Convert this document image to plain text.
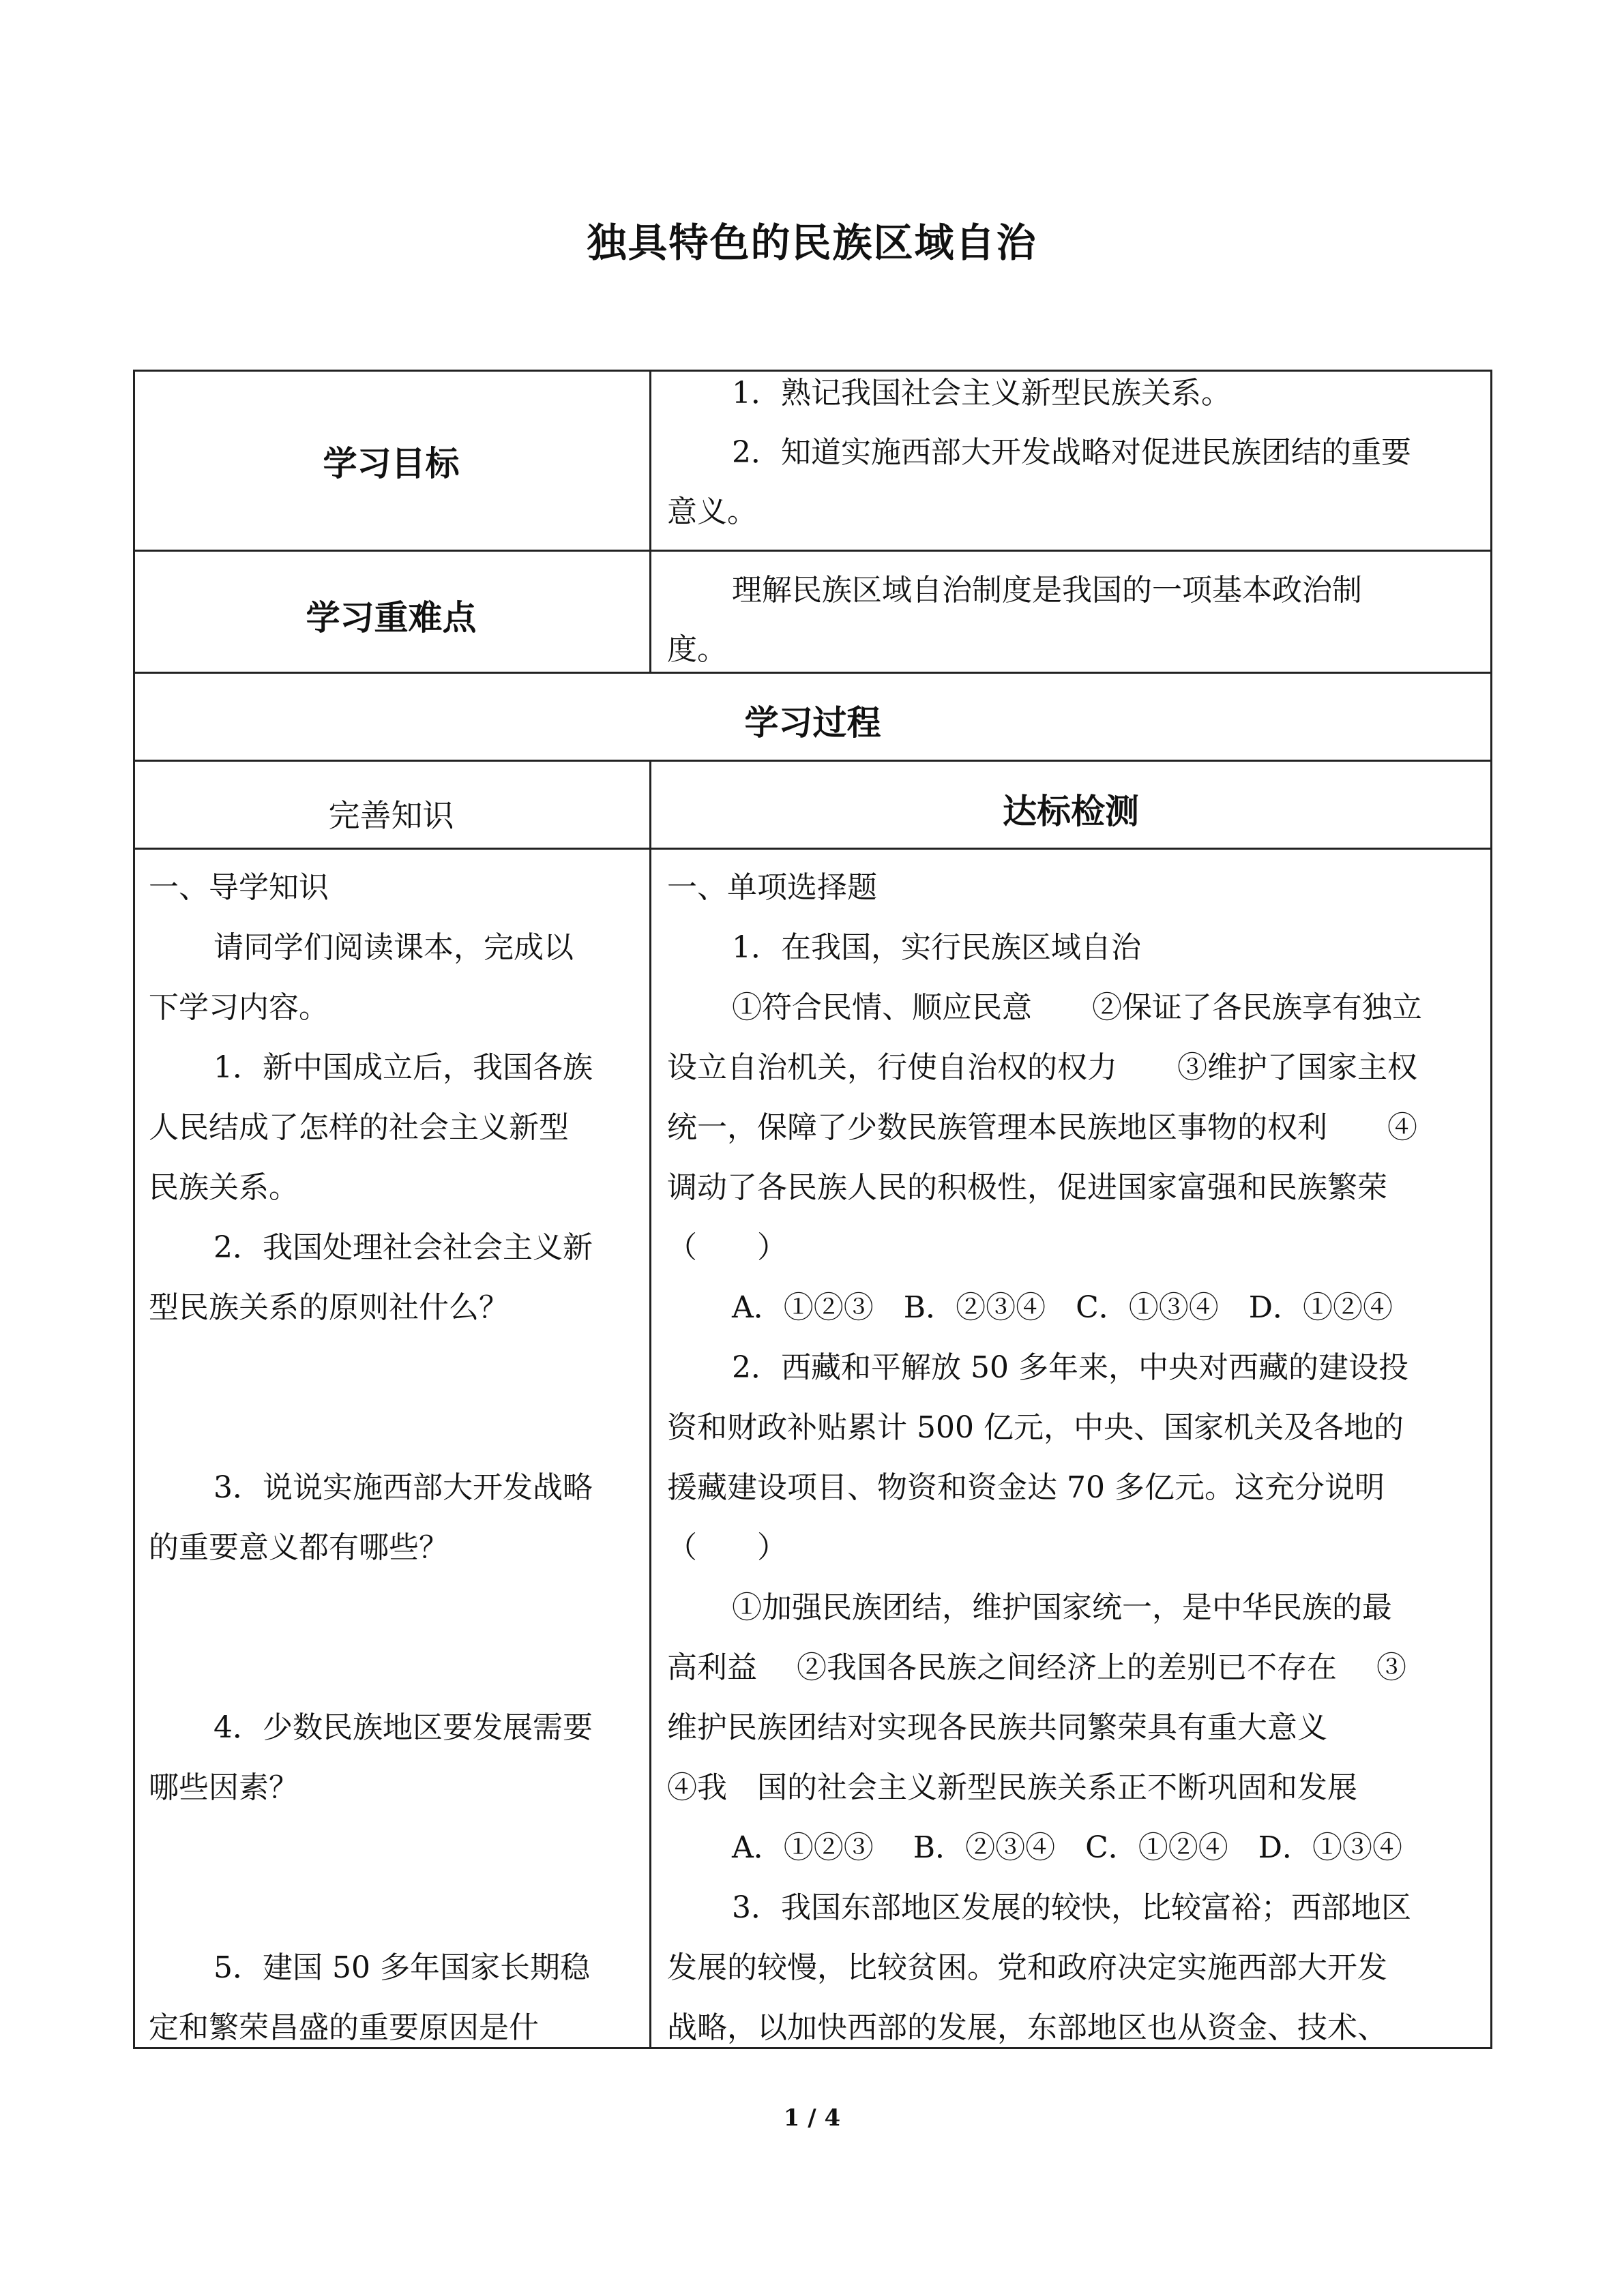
独具特色的民族区域自治
学习目标
1．熟记我国社会主义新型民族关系。
2．知道实施西部大开发战略对促进民族团结的重要
意义。
学习重难点
理解民族区域自治制度是我国的一项基本政治制
度。
学习过程
完善知识	达标检测
一、导学知识
请同学们阅读课本，完成以
下学习内容。
1．新中国成立后，我国各族
人民结成了怎样的社会主义新型
民族关系。
2．我国处理社会社会主义新
型民族关系的原则社什么？
3．说说实施西部大开发战略
的重要意义都有哪些？
4．少数民族地区要发展需要
哪些因素？
5．建国 50 多年国家长期稳
定和繁荣昌盛的重要原因是什
一、单项选择题
1．在我国，实行民族区域自治
①符合民情、顺应民意　　②保证了各民族享有独立
设立自治机关，行使自治权的权力　　③维护了国家主权
统一，保障了少数民族管理本民族地区事物的权利　　④
调动了各民族人民的积极性，促进国家富强和民族繁荣
（　　）
A．①②③　B．②③④　C．①③④　D．①②④
2．西藏和平解放 50 多年来，中央对西藏的建设投
资和财政补贴累计 500 亿元，中央、国家机关及各地的
援藏建设项目、物资和资金达 70 多亿元。这充分说明
（　　）
①加强民族团结，维护国家统一，是中华民族的最
高利益　 ②我国各民族之间经济上的差别已不存在　 ③
维护民族团结对实现各民族共同繁荣具有重大意义
④我　国的社会主义新型民族关系正不断巩固和发展
A．①②③　 B．②③④　C．①②④　D．①③④
3．我国东部地区发展的较快，比较富裕；西部地区
发展的较慢，比较贫困。党和政府决定实施西部大开发
战略，以加快西部的发展，东部地区也从资金、技术、
1 / 4
